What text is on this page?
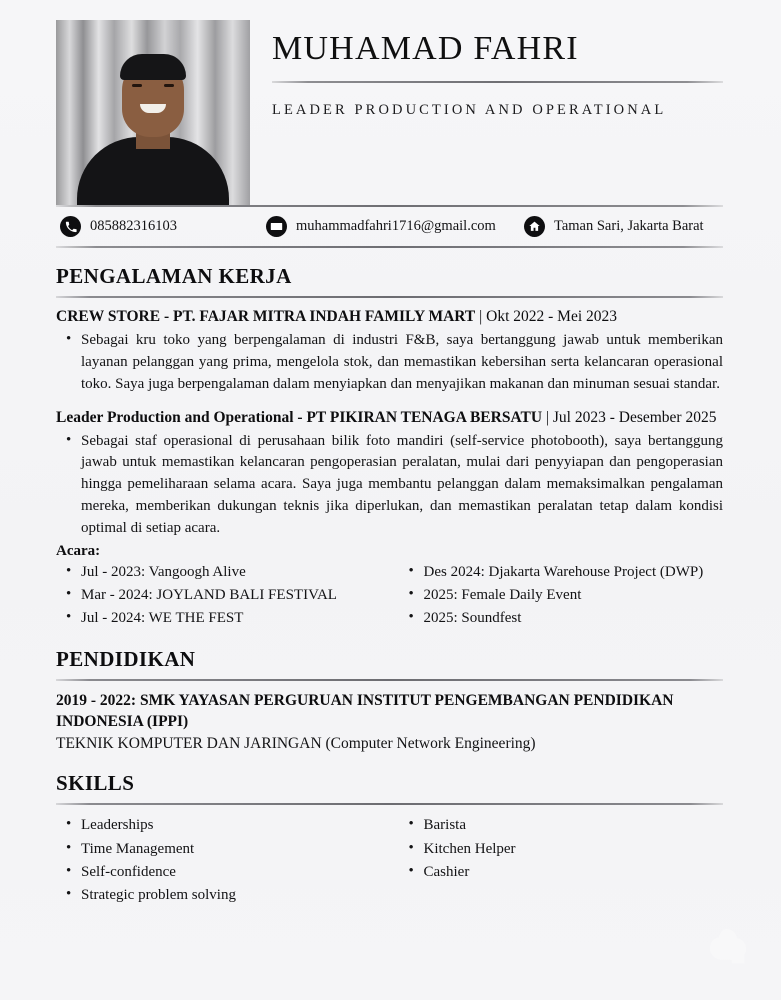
MUHAMAD FAHRI
LEADER PRODUCTION AND OPERATIONAL
085882316103	muhammadfahri1716@gmail.com	Taman Sari, Jakarta Barat
PENGALAMAN KERJA
CREW STORE - PT. FAJAR MITRA INDAH FAMILY MART | Okt 2022 - Mei 2023
• Sebagai kru toko yang berpengalaman di industri F&B, saya bertanggung jawab untuk memberikan layanan pelanggan yang prima, mengelola stok, dan memastikan kebersihan serta kelancaran operasional toko. Saya juga berpengalaman dalam menyiapkan dan menyajikan makanan dan minuman sesuai standar.
Leader Production and Operational - PT PIKIRAN TENAGA BERSATU | Jul 2023 - Desember 2025
• Sebagai staf operasional di perusahaan bilik foto mandiri (self-service photobooth), saya bertanggung jawab untuk memastikan kelancaran pengoperasian peralatan, mulai dari penyyiapan dan pengoperasian hingga pemeliharaan selama acara. Saya juga membantu pelanggan dalam memaksimalkan pengalaman mereka, memberikan dukungan teknis jika diperlukan, dan memastikan peralatan tetap dalam kondisi optimal di setiap acara.
Acara:
• Jul - 2023: Vangoogh Alive
• Mar - 2024: JOYLAND BALI FESTIVAL
• Jul - 2024: WE THE FEST
• Des 2024: Djakarta Warehouse Project (DWP)
• 2025: Female Daily Event
• 2025: Soundfest
PENDIDIKAN
2019 - 2022: SMK YAYASAN PERGURUAN INSTITUT PENGEMBANGAN PENDIDIKAN INDONESIA (IPPI)
TEKNIK KOMPUTER DAN JARINGAN (Computer Network Engineering)
SKILLS
• Leaderships
• Time Management
• Self-confidence
• Strategic problem solving
• Barista
• Kitchen Helper
• Cashier
